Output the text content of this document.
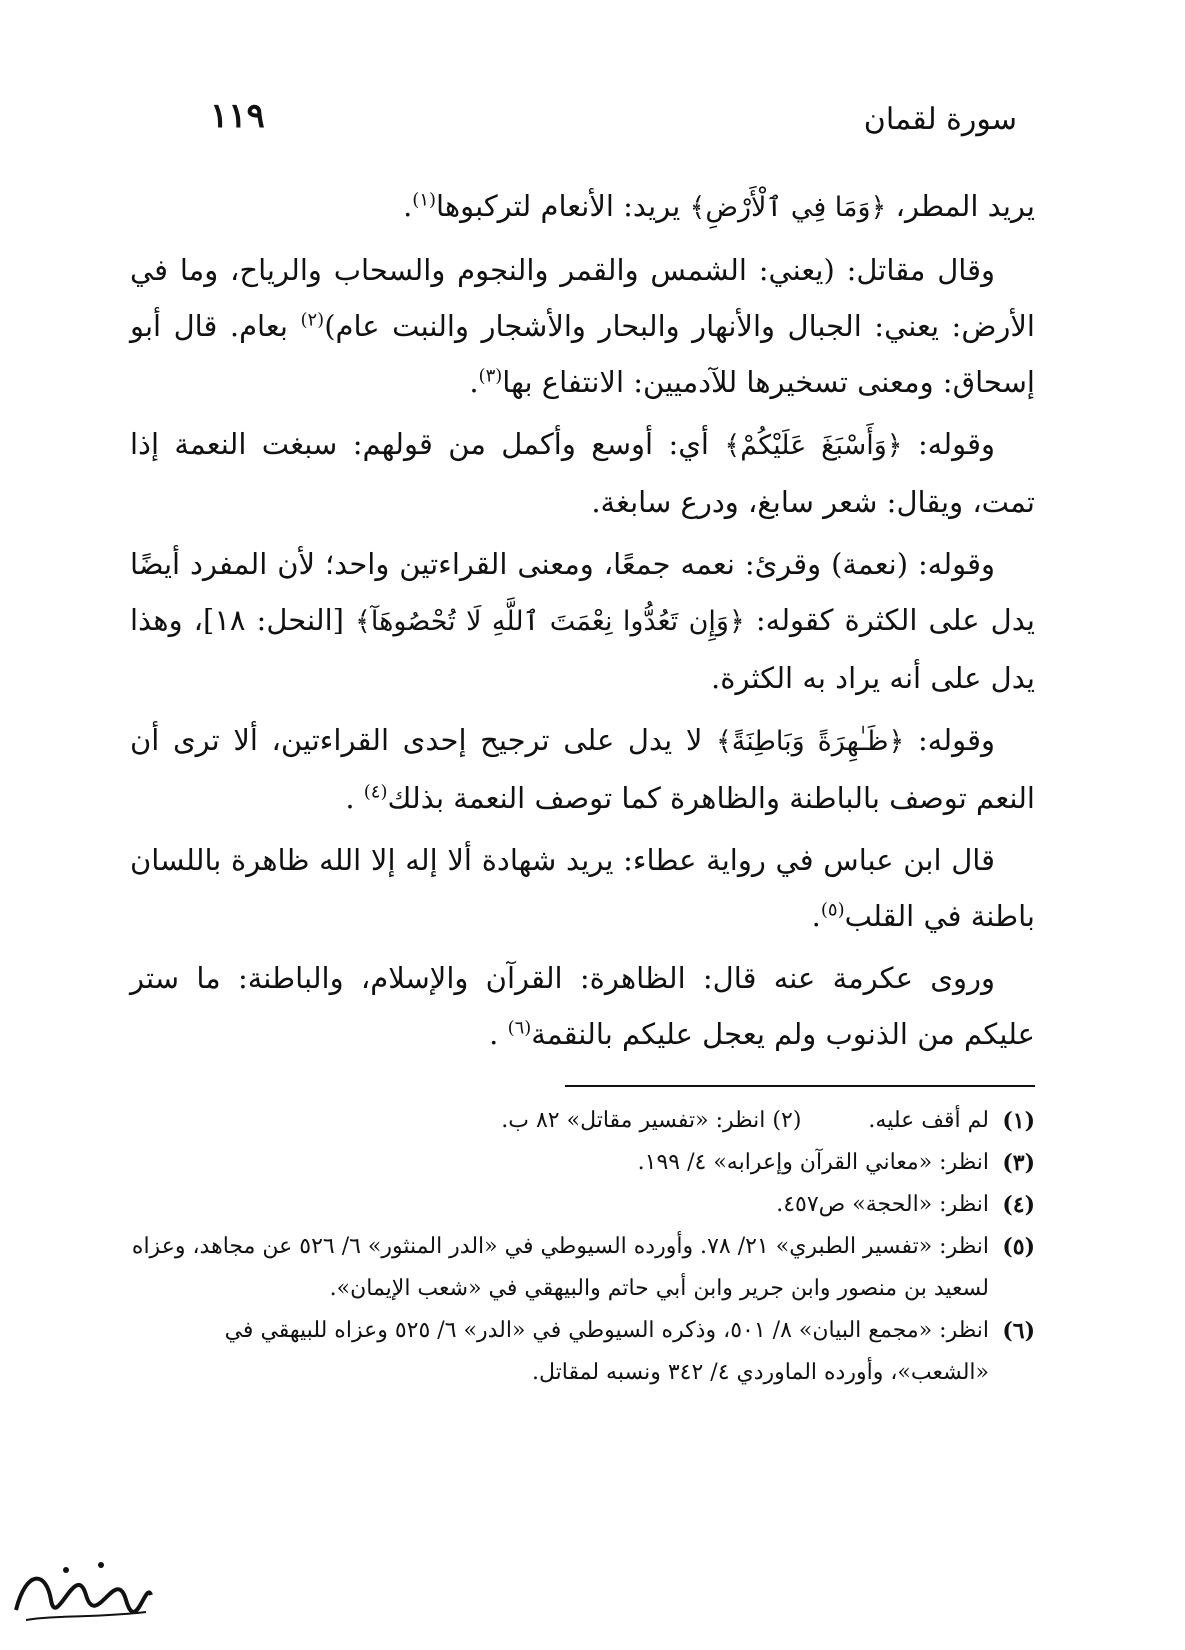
سورة لقمان
١١٩

يريد المطر، ﴿وَمَا فِي ٱلْأَرْضِ﴾ يريد: الأنعام لتركبوها$^{(١)}$.

وقال مقاتل: (يعني: الشمس والقمر والنجوم والسحاب والرياح، وما في الأرض: يعني: الجبال والأنهار والبحار والأشجار والنبت عام)$^{(٢)}$ بعام. قال أبو إسحاق: ومعنى تسخيرها للآدميين: الانتفاع بها$^{(٣)}$.

وقوله: ﴿وَأَسْبَغَ عَلَيْكُمْ﴾ أي: أوسع وأكمل من قولهم: سبغت النعمة إذا تمت، ويقال: شعر سابغ، ودرع سابغة.

وقوله: (نعمة) وقرئ: نعمه جمعًا، ومعنى القراءتين واحد؛ لأن المفرد أيضًا يدل على الكثرة كقوله: ﴿وَإِن تَعُدُّوا نِعْمَتَ ٱللَّهِ لَا تُحْصُوهَآ﴾ [النحل: ١٨]، وهذا يدل على أنه يراد به الكثرة.

وقوله: ﴿ظَـٰهِرَةً وَبَاطِنَةً﴾ لا يدل على ترجيح إحدى القراءتين، ألا ترى أن النعم توصف بالباطنة والظاهرة كما توصف النعمة بذلك$^{(٤)}$ .

قال ابن عباس في رواية عطاء: يريد شهادة ألا إله إلا الله ظاهرة باللسان باطنة في القلب$^{(٥)}$.

وروى عكرمة عنه قال: الظاهرة: القرآن والإسلام، والباطنة: ما ستر عليكم من الذنوب ولم يعجل عليكم بالنقمة$^{(٦)}$ .

(١)
لم أقف عليه. (٢) انظر: «تفسير مقاتل» ٨٢ ب.

(٣)
انظر: «معاني القرآن وإعرابه» ٤/ ١٩٩.

(٤)
انظر: «الحجة» ص٤٥٧.

(٥)
انظر: «تفسير الطبري» ٢١/ ٧٨. وأورده السيوطي في «الدر المنثور» ٦/ ٥٢٦ عن مجاهد، وعزاه لسعيد بن منصور وابن جرير وابن أبي حاتم والبيهقي في «شعب الإيمان».

(٦)
انظر: «مجمع البيان» ٨/ ٥٠١، وذكره السيوطي في «الدر» ٦/ ٥٢٥ وعزاه للبيهقي في «الشعب»، وأورده الماوردي ٤/ ٣٤٢ ونسبه لمقاتل.
